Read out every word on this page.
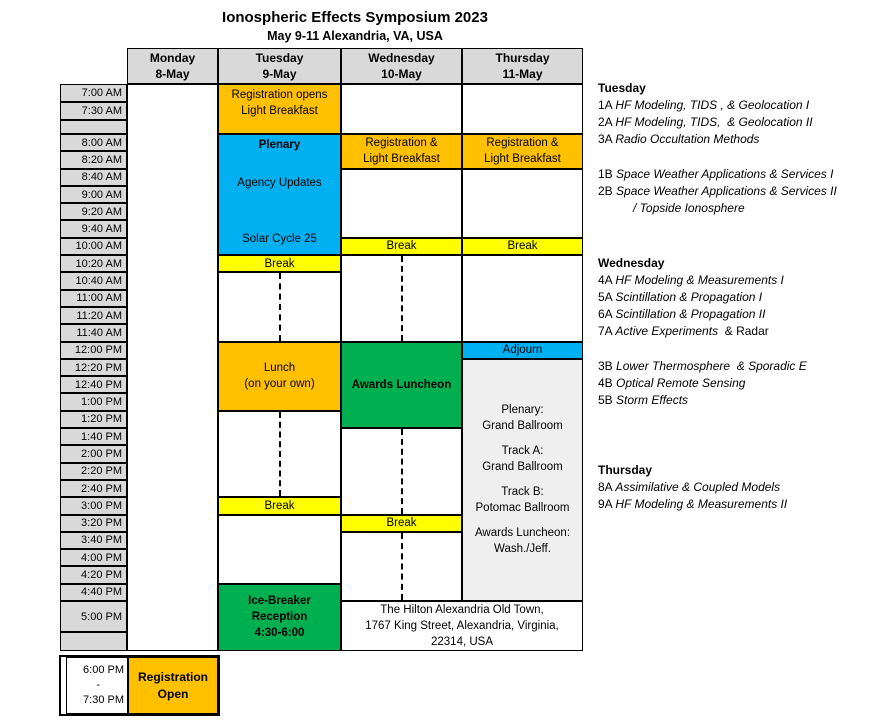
Ionospheric Effects Symposium 2023
May 9-11 Alexandria, VA, USA
Monday
8-May
Tuesday
9-May
Wednesday
10-May
Thursday
11-May
7:00 AM
7:30 AM
8:00 AM
8:20 AM
8:40 AM
9:00 AM
9:20 AM
9:40 AM
10:00 AM
10:20 AM
10:40 AM
11:00 AM
11:20 AM
11:40 AM
12:00 PM
12:20 PM
12:40 PM
1:00 PM
1:20 PM
1:40 PM
2:00 PM
2:20 PM
2:40 PM
3:00 PM
3:20 PM
3:40 PM
4:00 PM
4:20 PM
4:40 PM
5:00 PM
Registration opens
Light Breakfast
Plenary
Agency Updates
Solar Cycle 25
Break
Lunch
(on your own)
Break
Ice-Breaker
Reception
4:30-6:00
Registration &
Light Breakfast
Break
Awards Luncheon
Break
The Hilton Alexandria Old Town,
1767 King Street, Alexandria, Virginia,
22314, USA
Registration &
Light Breakfast
Break
Adjourn
Plenary:
Grand Ballroom
Track A:
Grand Ballroom
Track B:
Potomac Ballroom
Awards Luncheon:
Wash./Jeff.
Tuesday
1A HF Modeling, TIDS , & Geolocation I
2A HF Modeling, TIDS,  & Geolocation II
3A Radio Occultation Methods
1B Space Weather Applications & Services I
2B Space Weather Applications & Services II
/ Topside Ionosphere
Wednesday
4A HF Modeling & Measurements I
5A Scintillation & Propagation I
6A Scintillation & Propagation II
7A Active Experiments  & Radar
3B Lower Thermosphere  & Sporadic E
4B Optical Remote Sensing
5B Storm Effects
Thursday
8A Assimilative & Coupled Models
9A HF Modeling & Measurements II
6:00 PM
-
7:30 PM
Registration
Open
